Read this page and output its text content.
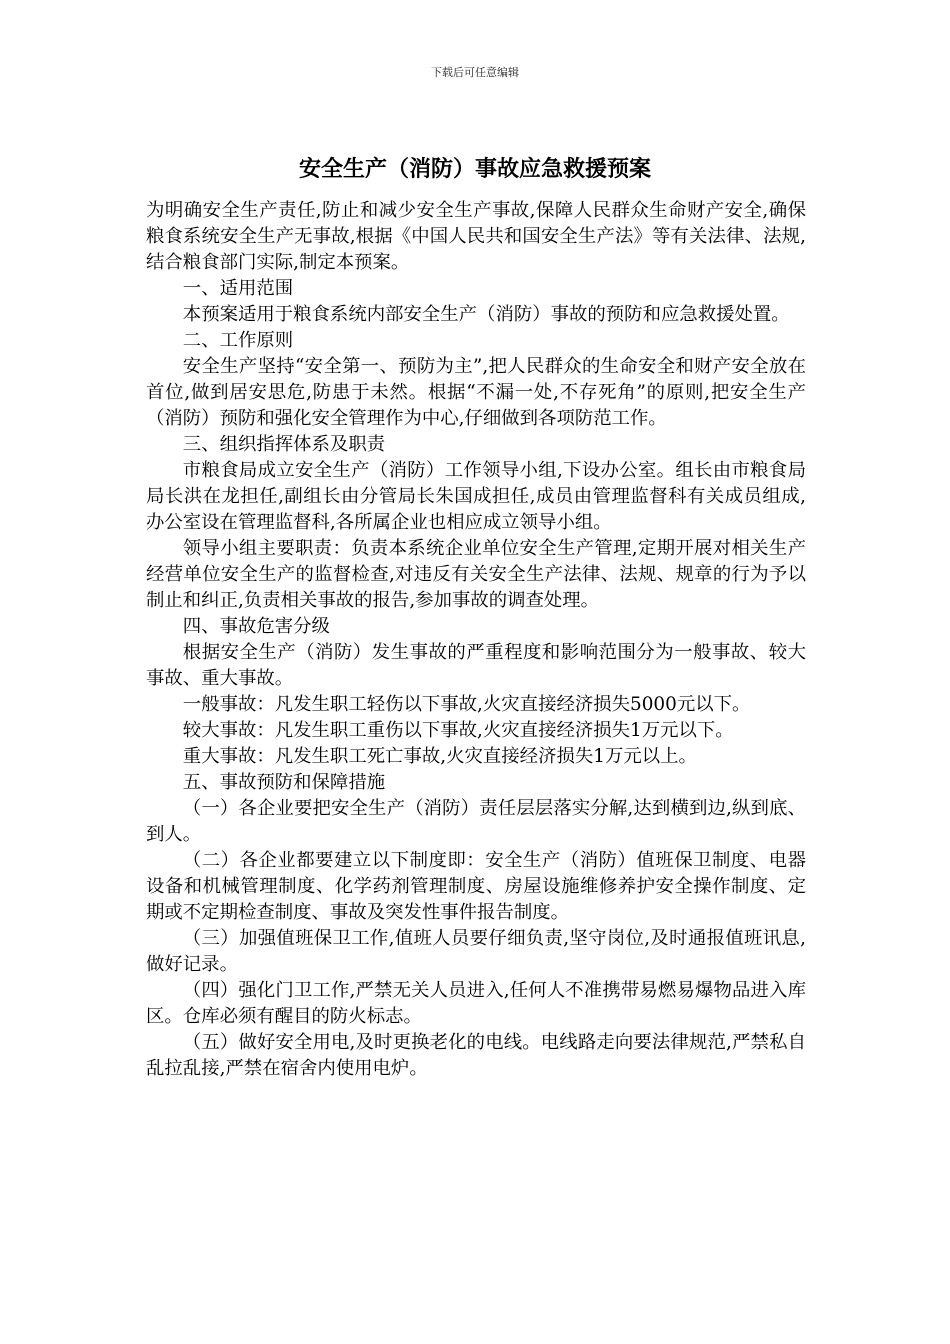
下载后可任意编辑
安全生产（消防）事故应急救援预案

为明确安全生产责任,防止和减少安全生产事故,保障人民群众生命财产安全,确保粮食系统安全生产无事故,根据《中国人民共和国安全生产法》等有关法律、法规,结合粮食部门实际,制定本预案。

一、适用范围

本预案适用于粮食系统内部安全生产（消防）事故的预防和应急救援处置。

二、工作原则

安全生产坚持“安全第一、预防为主”,把人民群众的生命安全和财产安全放在首位,做到居安思危,防患于未然。根据“不漏一处,不存死角”的原则,把安全生产（消防）预防和强化安全管理作为中心,仔细做到各项防范工作。

三、组织指挥体系及职责

市粮食局成立安全生产（消防）工作领导小组,下设办公室。组长由市粮食局局长洪在龙担任,副组长由分管局长朱国成担任,成员由管理监督科有关成员组成,办公室设在管理监督科,各所属企业也相应成立领导小组。

领导小组主要职责：负责本系统企业单位安全生产管理,定期开展对相关生产经营单位安全生产的监督检查,对违反有关安全生产法律、法规、规章的行为予以制止和纠正,负责相关事故的报告,参加事故的调查处理。

四、事故危害分级

根据安全生产（消防）发生事故的严重程度和影响范围分为一般事故、较大事故、重大事故。

一般事故：凡发生职工轻伤以下事故,火灾直接经济损失5000元以下。

较大事故：凡发生职工重伤以下事故,火灾直接经济损失1万元以下。

重大事故：凡发生职工死亡事故,火灾直接经济损失1万元以上。

五、事故预防和保障措施

（一）各企业要把安全生产（消防）责任层层落实分解,达到横到边,纵到底、到人。

（二）各企业都要建立以下制度即：安全生产（消防）值班保卫制度、电器设备和机械管理制度、化学药剂管理制度、房屋设施维修养护安全操作制度、定期或不定期检查制度、事故及突发性事件报告制度。

（三）加强值班保卫工作,值班人员要仔细负责,坚守岗位,及时通报值班讯息,做好记录。

（四）强化门卫工作,严禁无关人员进入,任何人不准携带易燃易爆物品进入库区。仓库必须有醒目的防火标志。

（五）做好安全用电,及时更换老化的电线。电线路走向要法律规范,严禁私自乱拉乱接,严禁在宿舍内使用电炉。
